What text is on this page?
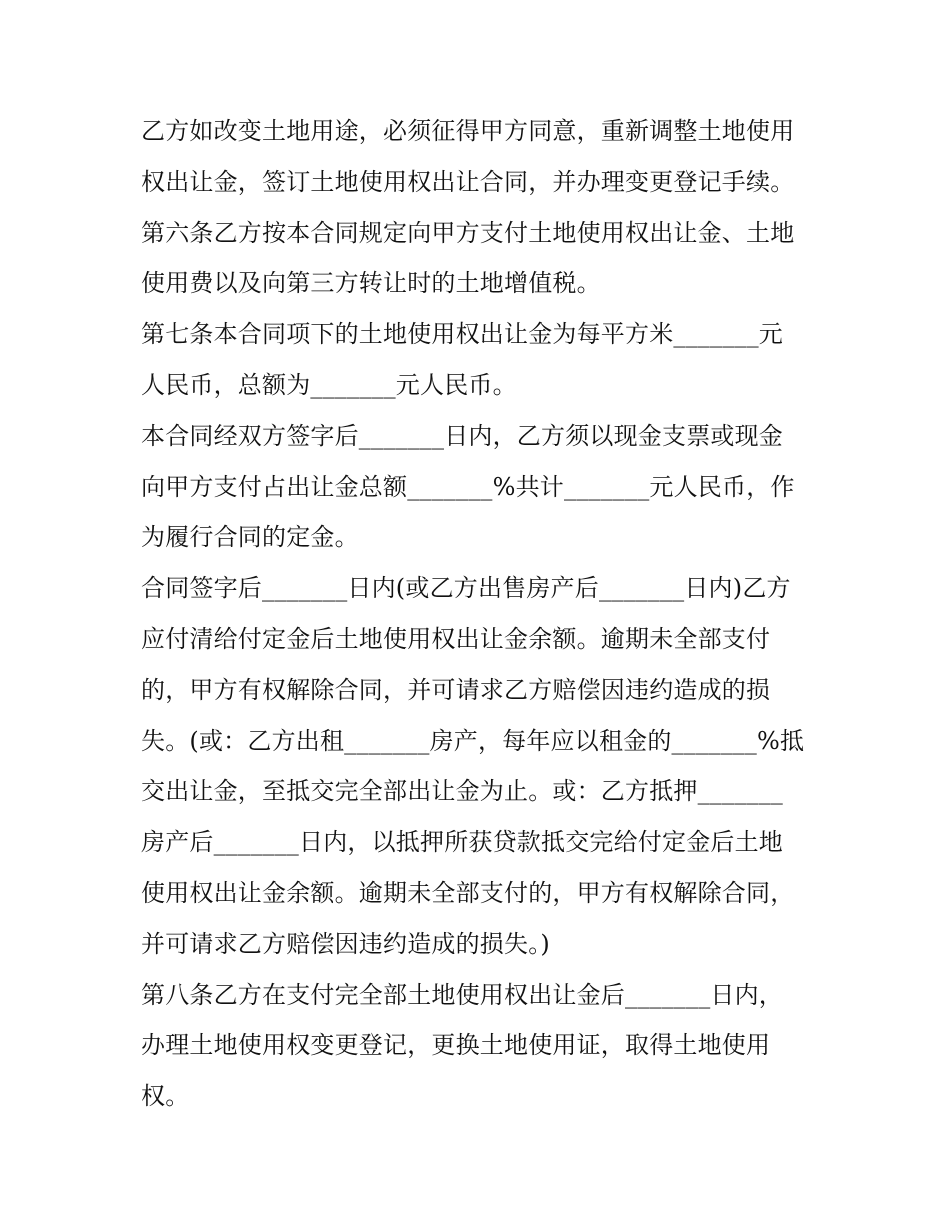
乙方如改变土地用途，必须征得甲方同意，重新调整土地使用
权出让金，签订土地使用权出让合同，并办理变更登记手续。
第六条乙方按本合同规定向甲方支付土地使用权出让金、土地
使用费以及向第三方转让时的土地增值税。
第七条本合同项下的土地使用权出让金为每平方米_______元
人民币，总额为_______元人民币。
本合同经双方签字后_______日内，乙方须以现金支票或现金
向甲方支付占出让金总额_______%共计_______元人民币，作
为履行合同的定金。
合同签字后_______日内(或乙方出售房产后_______日内)乙方
应付清给付定金后土地使用权出让金余额。逾期未全部支付
的，甲方有权解除合同，并可请求乙方赔偿因违约造成的损
失。(或：乙方出租_______房产，每年应以租金的_______%抵
交出让金，至抵交完全部出让金为止。或：乙方抵押_______
房产后_______日内，以抵押所获贷款抵交完给付定金后土地
使用权出让金余额。逾期未全部支付的，甲方有权解除合同，
并可请求乙方赔偿因违约造成的损失。)
第八条乙方在支付完全部土地使用权出让金后_______日内，
办理土地使用权变更登记，更换土地使用证，取得土地使用
权。
